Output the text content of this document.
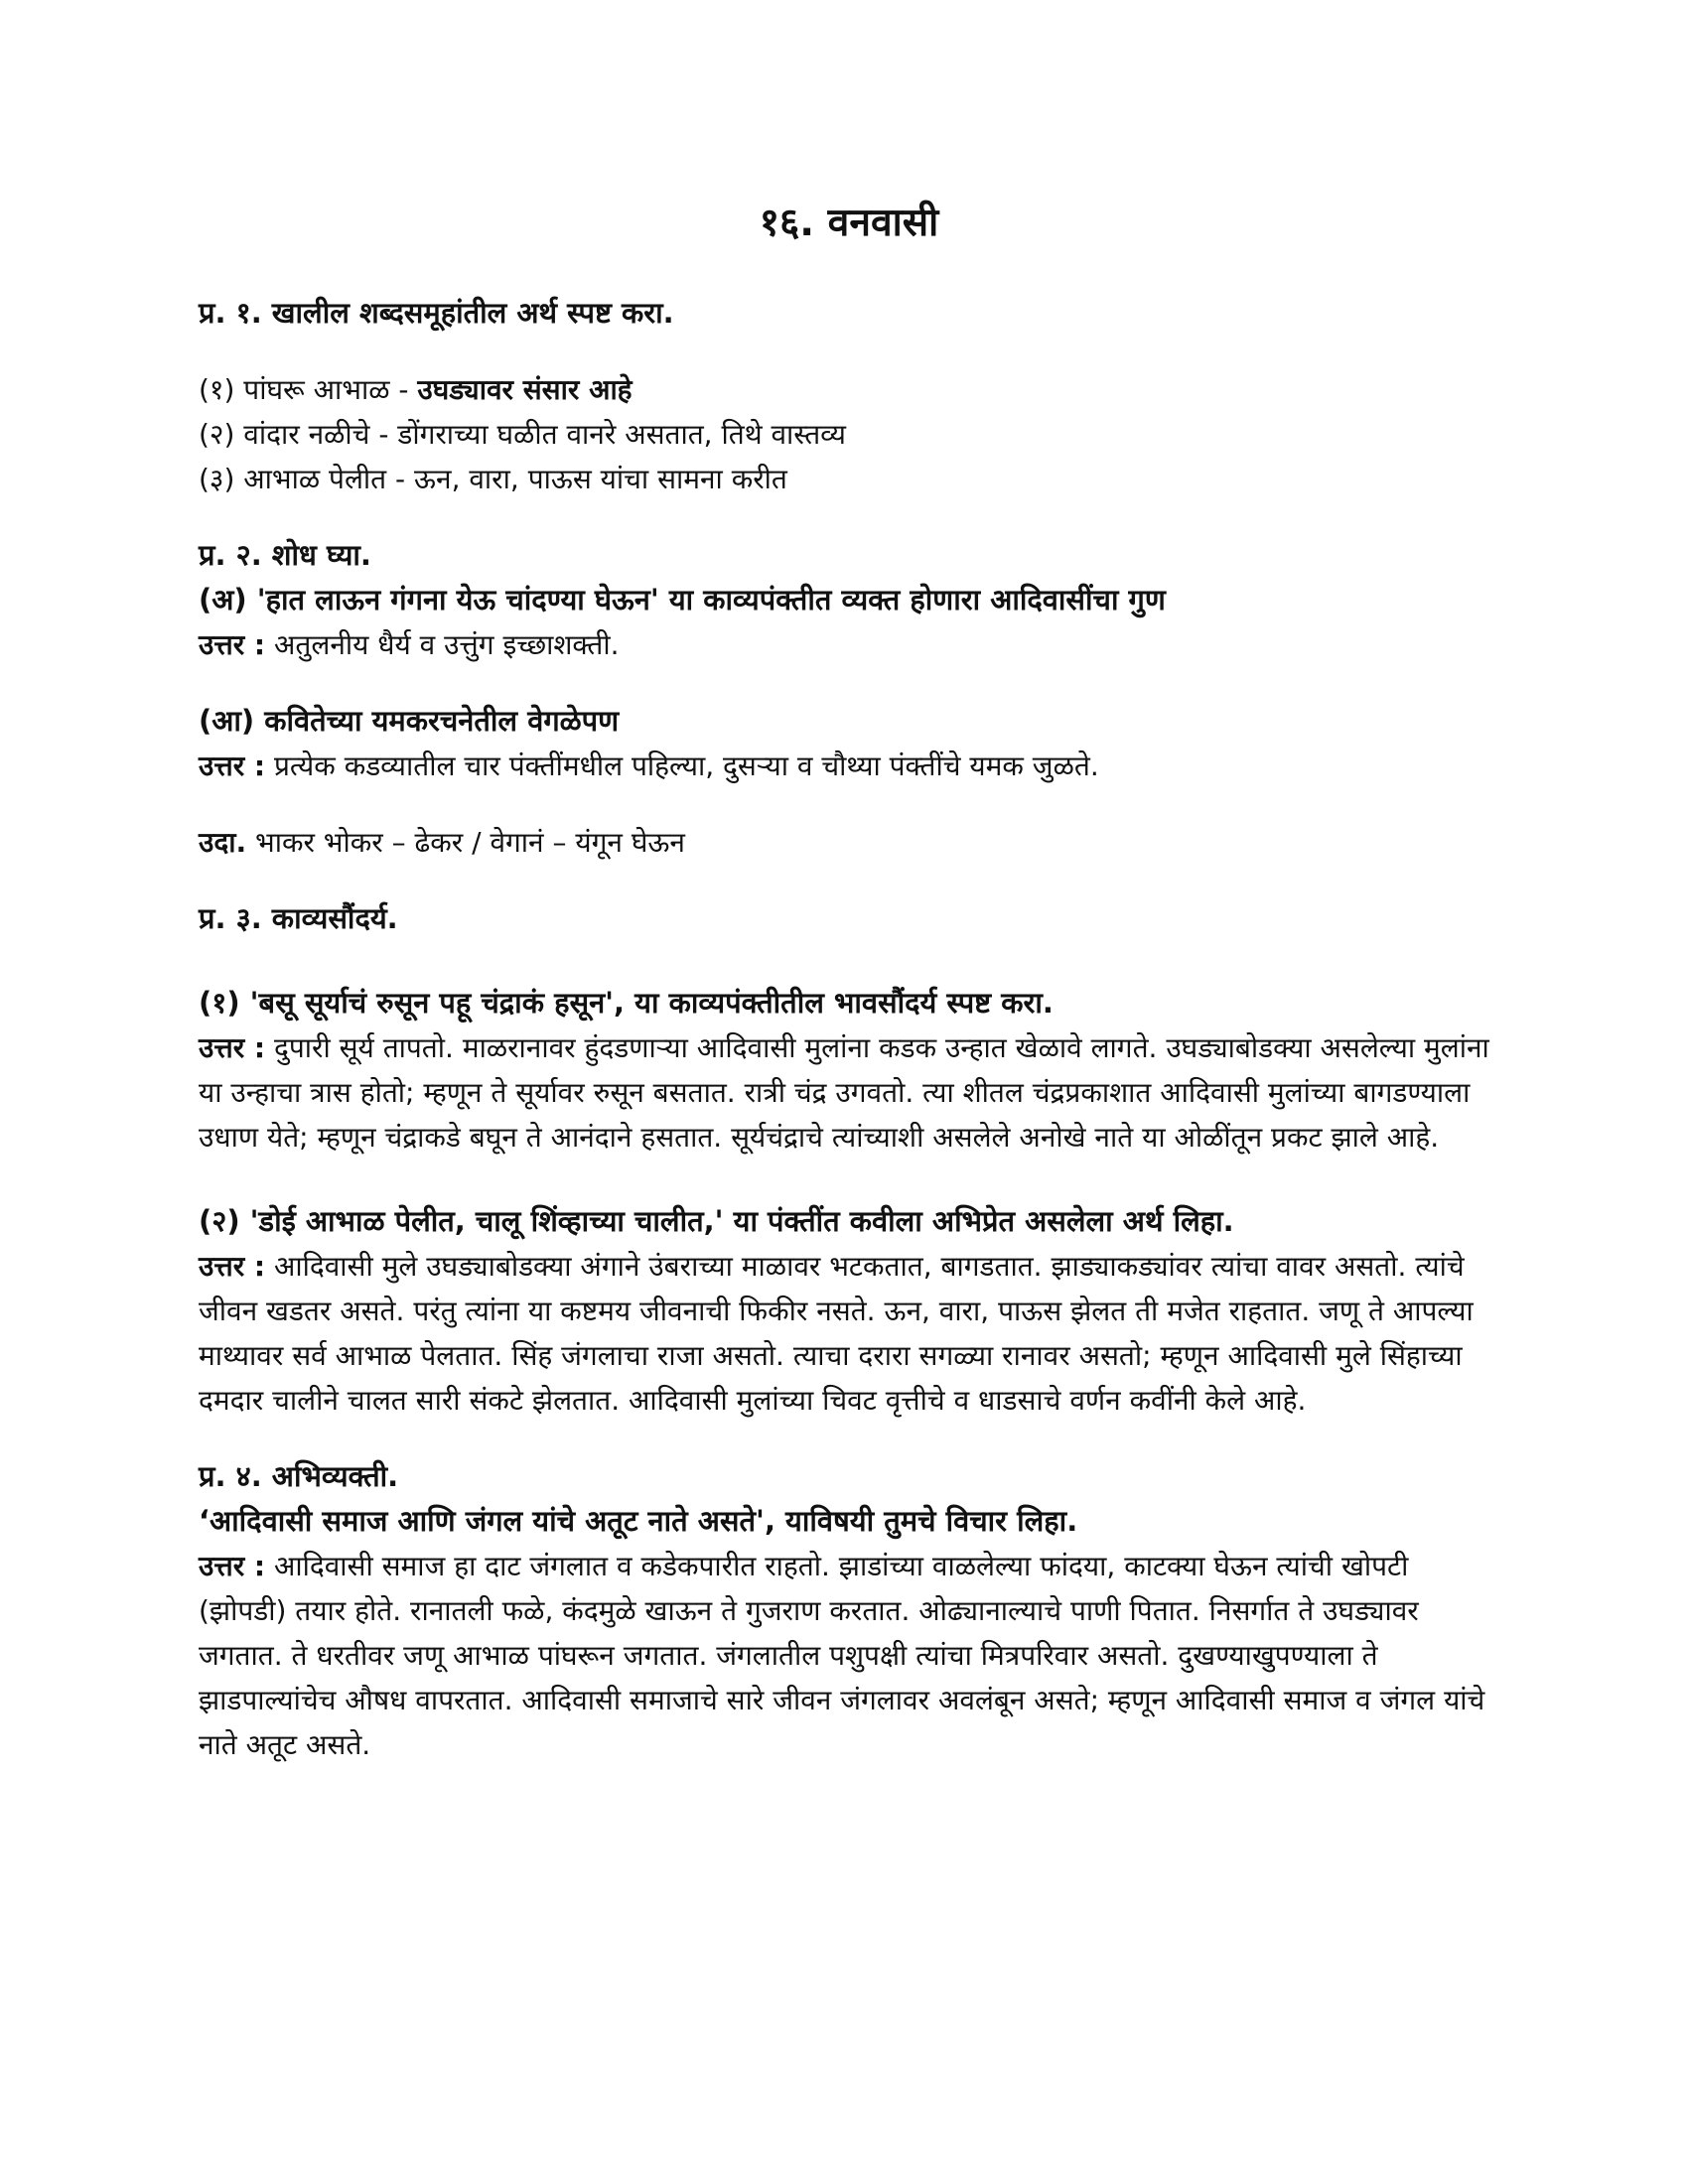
१६. वनवासी

प्र. १. खालील शब्दसमूहांतील अर्थ स्पष्ट करा.

(१) पांघरू आभाळ - उघड्यावर संसार आहे

(२) वांदार नळीचे - डोंगराच्या घळीत वानरे असतात, तिथे वास्तव्य

(३) आभाळ पेलीत - ऊन, वारा, पाऊस यांचा सामना करीत

प्र. २. शोध घ्या.

(अ) 'हात लाऊन गंगना येऊ चांदण्या घेऊन' या काव्यपंक्तीत व्यक्त होणारा आदिवासींचा गुण

उत्तर : अतुलनीय धैर्य व उत्तुंग इच्छाशक्ती.

(आ) कवितेच्या यमकरचनेतील वेगळेपण

उत्तर : प्रत्येक कडव्यातील चार पंक्तींमधील पहिल्या, दुसऱ्या व चौथ्या पंक्तींचे यमक जुळते.

उदा. भाकर भोकर – ढेकर / वेगानं – यंगून घेऊन

प्र. ३. काव्यसौंदर्य.

(१) 'बसू सूर्याचं रुसून पहू चंद्राकं हसून', या काव्यपंक्तीतील भावसौंदर्य स्पष्ट करा.

उत्तर : दुपारी सूर्य तापतो. माळरानावर हुंदडणाऱ्या आदिवासी मुलांना कडक उन्हात खेळावे लागते. उघड्याबोडक्या असलेल्या मुलांना या उन्हाचा त्रास होतो; म्हणून ते सूर्यावर रुसून बसतात. रात्री चंद्र उगवतो. त्या शीतल चंद्रप्रकाशात आदिवासी मुलांच्या बागडण्याला उधाण येते; म्हणून चंद्राकडे बघून ते आनंदाने हसतात. सूर्यचंद्राचे त्यांच्याशी असलेले अनोखे नाते या ओळींतून प्रकट झाले आहे.

(२) 'डोई आभाळ पेलीत, चालू शिंव्हाच्या चालीत,' या पंक्तींत कवीला अभिप्रेत असलेला अर्थ लिहा.

उत्तर : आदिवासी मुले उघड्याबोडक्या अंगाने उंबराच्या माळावर भटकतात, बागडतात. झाड्याकड्यांवर त्यांचा वावर असतो. त्यांचे जीवन खडतर असते. परंतु त्यांना या कष्टमय जीवनाची फिकीर नसते. ऊन, वारा, पाऊस झेलत ती मजेत राहतात. जणू ते आपल्या माथ्यावर सर्व आभाळ पेलतात. सिंह जंगलाचा राजा असतो. त्याचा दरारा सगळ्या रानावर असतो; म्हणून आदिवासी मुले सिंहाच्या दमदार चालीने चालत सारी संकटे झेलतात. आदिवासी मुलांच्या चिवट वृत्तीचे व धाडसाचे वर्णन कवींनी केले आहे.

प्र. ४. अभिव्यक्ती.

‘आदिवासी समाज आणि जंगल यांचे अतूट नाते असते', याविषयी तुमचे विचार लिहा.

उत्तर : आदिवासी समाज हा दाट जंगलात व कडेकपारीत राहतो. झाडांच्या वाळलेल्या फांदया, काटक्या घेऊन त्यांची खोपटी (झोपडी) तयार होते. रानातली फळे, कंदमुळे खाऊन ते गुजराण करतात. ओढ्यानाल्याचे पाणी पितात. निसर्गात ते उघड्यावर जगतात. ते धरतीवर जणू आभाळ पांघरून जगतात. जंगलातील पशुपक्षी त्यांचा मित्रपरिवार असतो. दुखण्याखुपण्याला ते झाडपाल्यांचेच औषध वापरतात. आदिवासी समाजाचे सारे जीवन जंगलावर अवलंबून असते; म्हणून आदिवासी समाज व जंगल यांचे नाते अतूट असते.
